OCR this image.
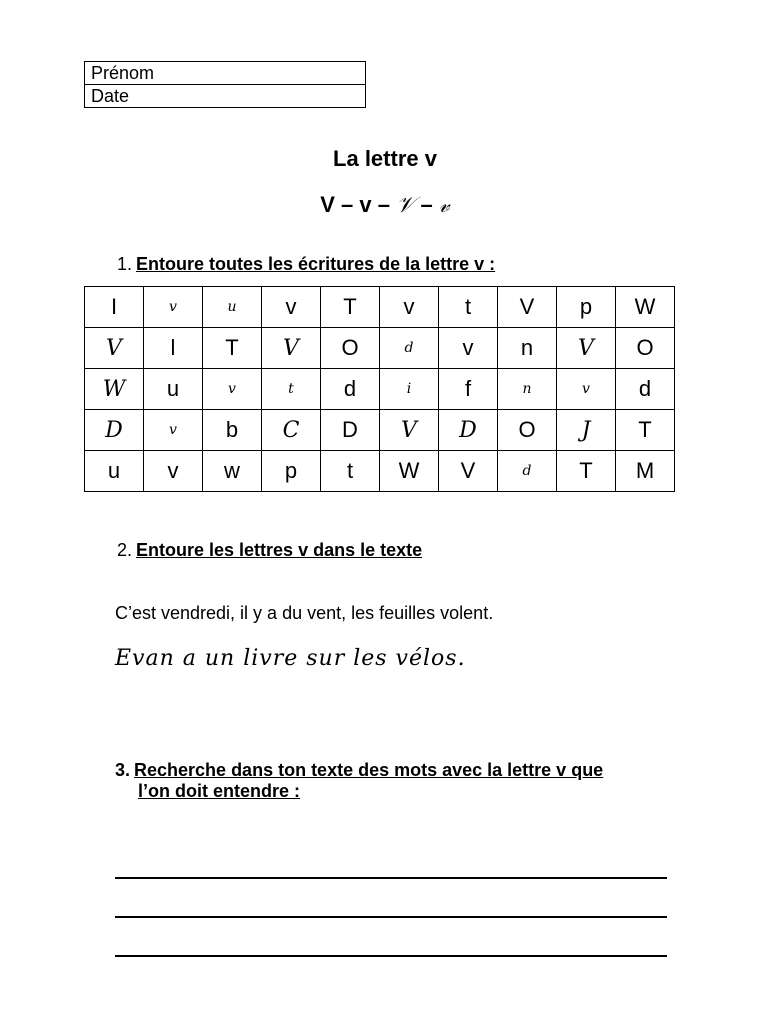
Prénom
Date
La lettre v
V – v – 𝒱 – 𝓋
1. Entoure toutes les écritures de la lettre v :
I	v	u	v	T	v	t	V	p	W
V	l	T	V	O	d	v	n	V	O
W	u	v	t	d	i	f	n	v	d
D	v	b	C	D	V	D	O	J	T
u	v	w	p	t	W	V	d	T	M
2. Entoure les lettres v dans le texte
C’est vendredi, il y a du vent, les feuilles volent.
Evan a un livre sur les vélos.
3. Recherche dans ton texte des mots avec la lettre v que
l’on doit entendre :
